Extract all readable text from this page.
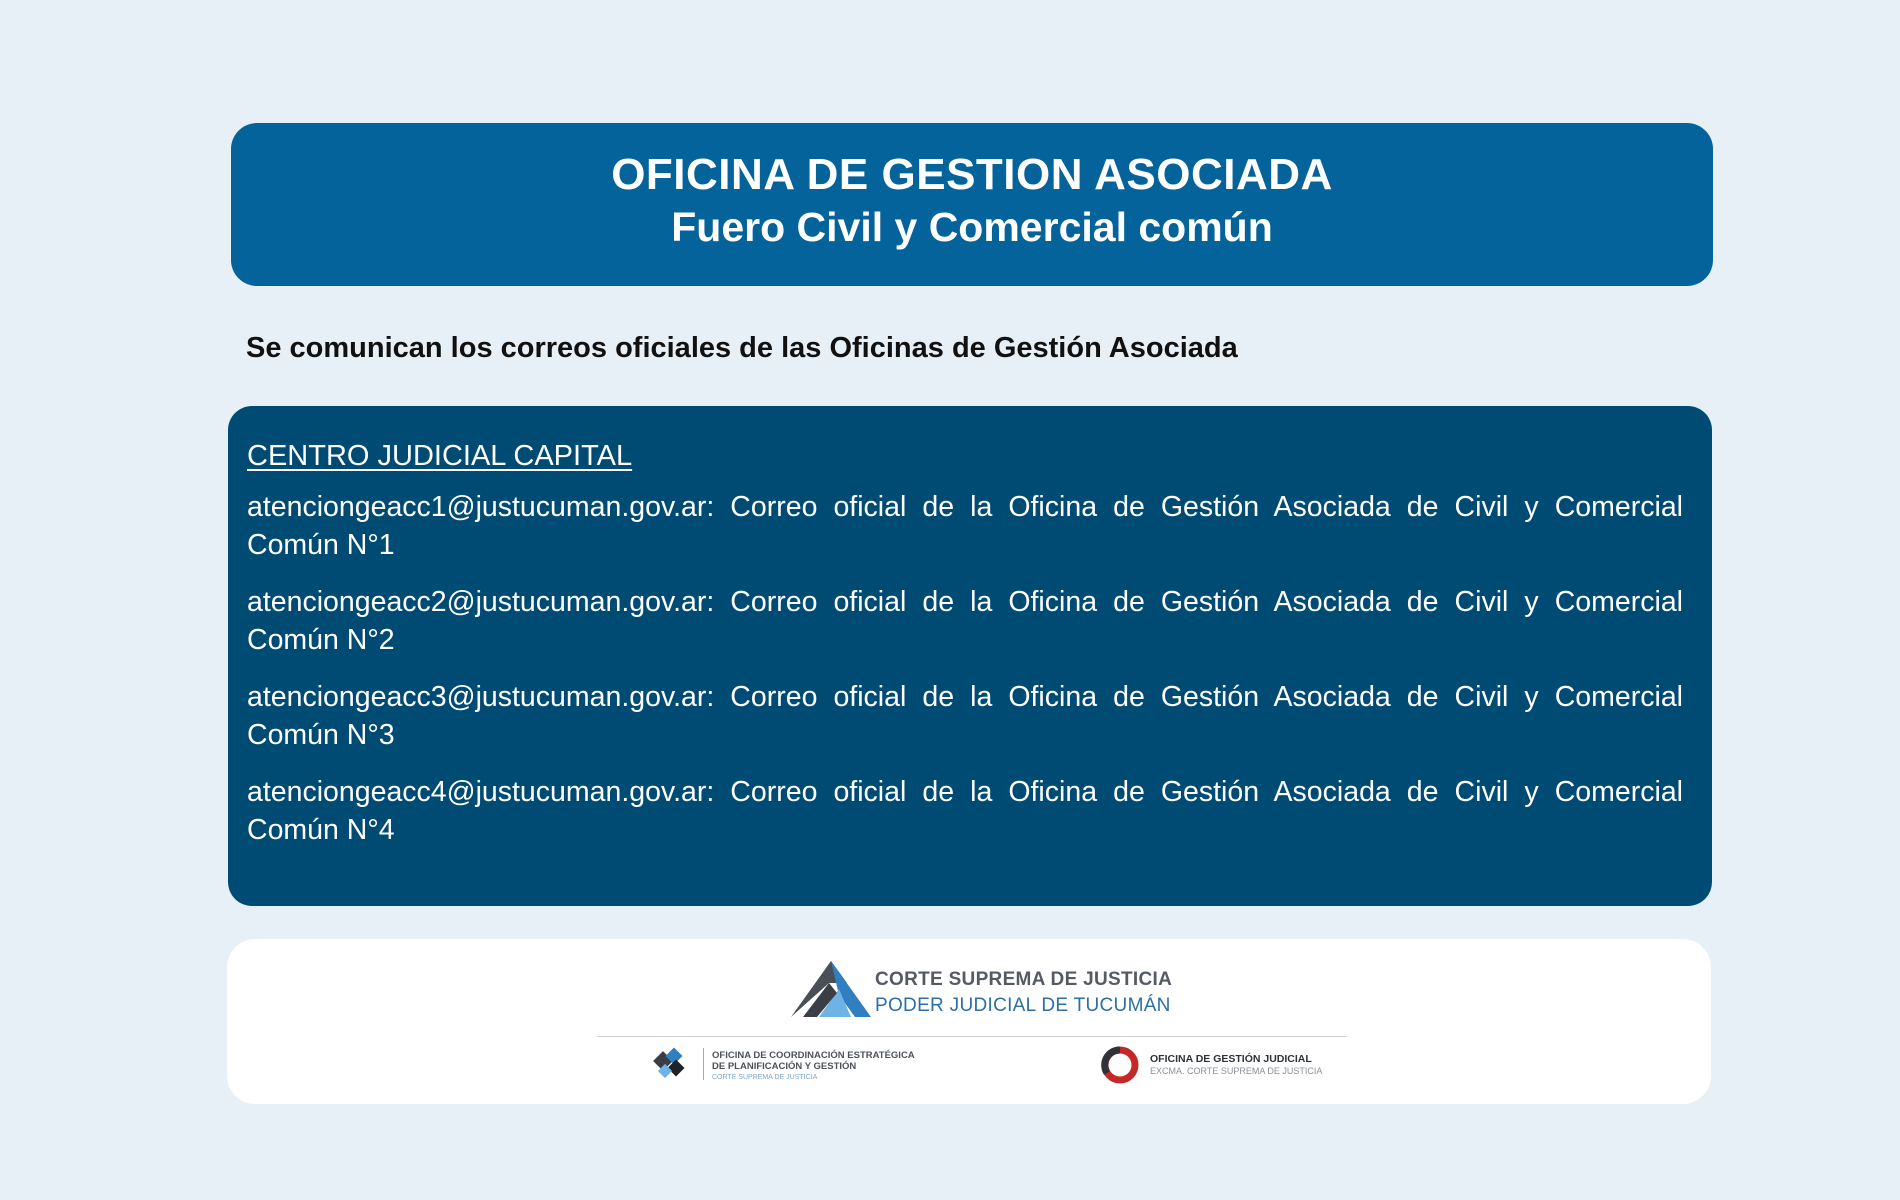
OFICINA DE GESTION ASOCIADA
Fuero Civil y Comercial común
Se comunican los correos oficiales de las Oficinas de Gestión Asociada
CENTRO JUDICIAL CAPITAL
atenciongeacc1@justucuman.gov.ar: Correo oficial de la Oficina de Gestión Asociada de Civil y Comercial Común N°1
atenciongeacc2@justucuman.gov.ar: Correo oficial de la Oficina de Gestión Asociada de Civil y Comercial Común N°2
atenciongeacc3@justucuman.gov.ar: Correo oficial de la Oficina de Gestión Asociada de Civil y Comercial Común N°3
atenciongeacc4@justucuman.gov.ar: Correo oficial de la Oficina de Gestión Asociada de Civil y Comercial Común N°4
CORTE SUPREMA DE JUSTICIA
PODER JUDICIAL DE TUCUMÁN
OFICINA DE COORDINACIÓN ESTRATÉGICA
DE PLANIFICACIÓN Y GESTIÓN
CORTE SUPREMA DE JUSTICIA
OFICINA DE GESTIÓN JUDICIAL
EXCMA. CORTE SUPREMA DE JUSTICIA
